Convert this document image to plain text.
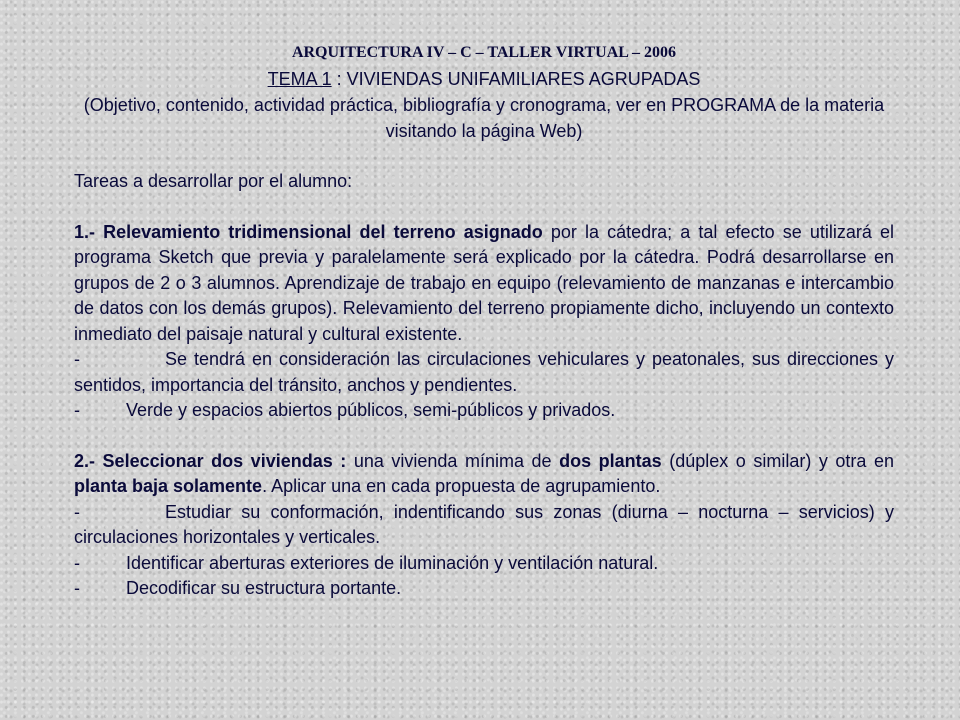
ARQUITECTURA IV – C – TALLER VIRTUAL – 2006

TEMA 1 : VIVIENDAS UNIFAMILIARES AGRUPADAS
(Objetivo, contenido, actividad práctica, bibliografía y cronograma, ver en PROGRAMA de la materia visitando la página Web)

Tareas a desarrollar por el alumno:

1.- Relevamiento tridimensional del terreno asignado por la cátedra; a tal efecto se utilizará el programa Sketch que previa y paralelamente será explicado por la cátedra. Podrá desarrollarse en grupos de 2 o 3 alumnos. Aprendizaje de trabajo en equipo (relevamiento de manzanas e intercambio de datos con los demás grupos). Relevamiento del terreno propiamente dicho, incluyendo un contexto inmediato del paisaje natural y cultural existente.

-	Se tendrá en consideración las circulaciones vehiculares y peatonales, sus direcciones y sentidos, importancia del tránsito, anchos y pendientes.

-	Verde y espacios abiertos públicos, semi-públicos y privados.

2.- Seleccionar dos viviendas : una vivienda mínima de dos plantas (dúplex o similar) y otra en planta baja solamente. Aplicar una en cada propuesta de agrupamiento.

-	Estudiar su conformación, indentificando sus zonas (diurna – nocturna – servicios) y circulaciones horizontales y verticales.

-	Identificar aberturas exteriores de iluminación y ventilación natural.

-	Decodificar su estructura portante.
